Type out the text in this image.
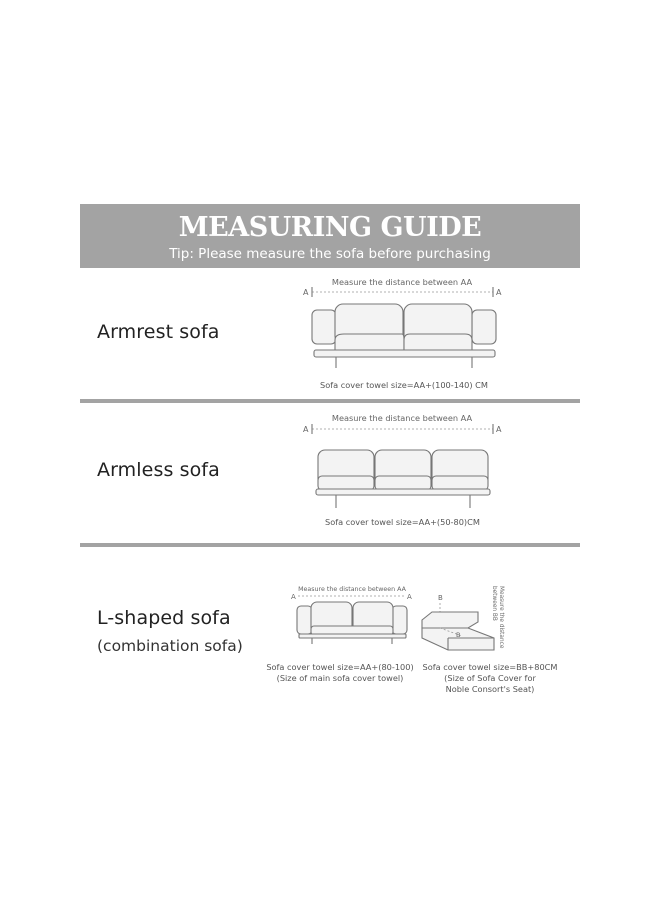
MEASURING GUIDE
Tip: Please measure the sofa before purchasing
Armrest sofa
Measure the distance between AA
A	A
Sofa cover towel size=AA+(100-140) CM
Armless sofa
Measure the distance between AA
A	A
Sofa cover towel size=AA+(50-80)CM
L-shaped sofa
(combination sofa)
Measure the distance between AA
A	A	B
B	Measure the distance
between BB
Sofa cover towel size=AA+(80-100)
(Size of main sofa cover towel)
Sofa cover towel size=BB+80CM
(Size of Sofa Cover for
Noble Consort's Seat)
